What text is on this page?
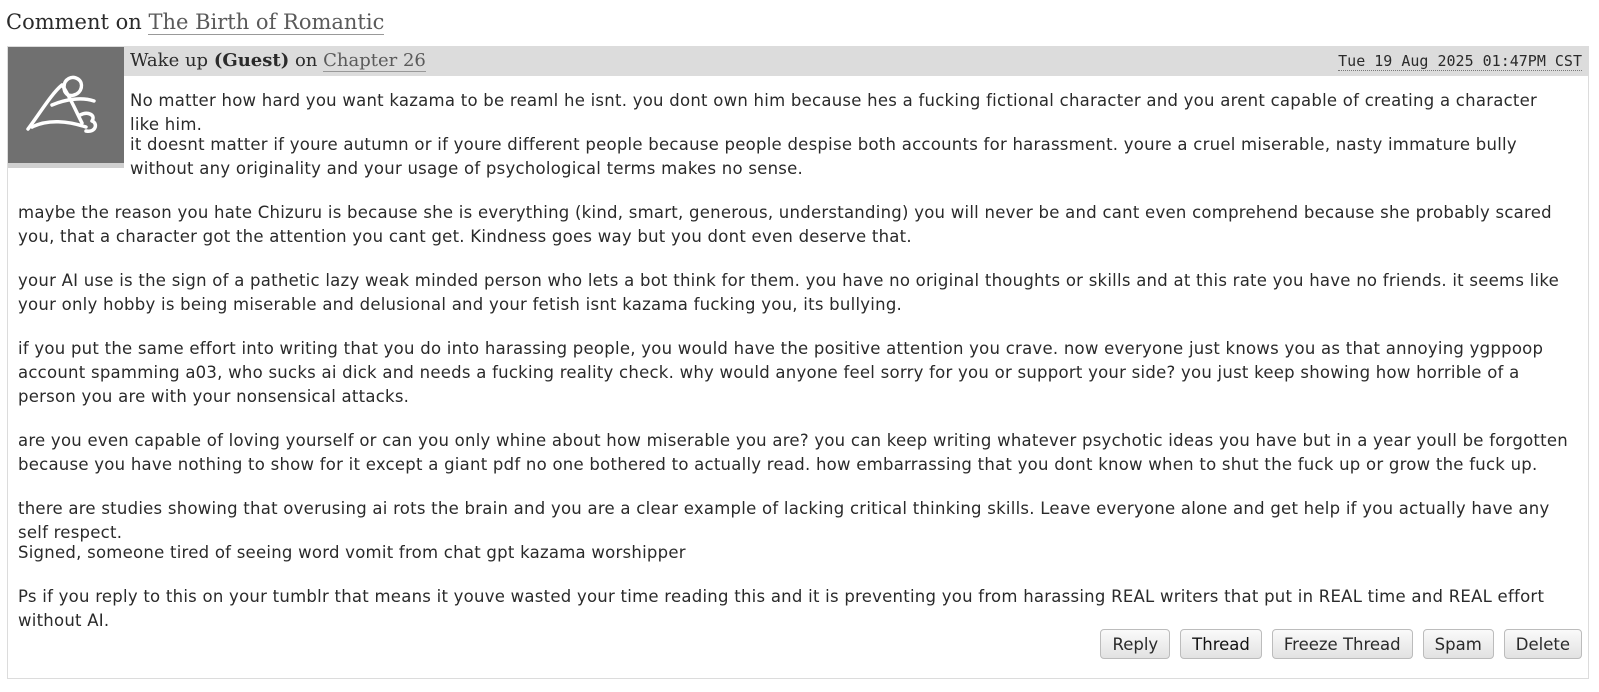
Comment on The Birth of Romantic
Wake up (Guest) on Chapter 26	Tue 19 Aug 2025 01:47PM CST

No matter how hard you want kazama to be reaml he isnt. you dont own him because hes a fucking fictional character and you arent capable of creating a character like him.

it doesnt matter if youre autumn or if youre different people because people despise both accounts for harassment. youre a cruel miserable, nasty immature bully without any originality and your usage of psychological terms makes no sense.

maybe the reason you hate Chizuru is because she is everything (kind, smart, generous, understanding) you will never be and cant even comprehend because she probably scared you, that a character got the attention you cant get. Kindness goes way but you dont even deserve that.

your AI use is the sign of a pathetic lazy weak minded person who lets a bot think for them. you have no original thoughts or skills and at this rate you have no friends. it seems like your only hobby is being miserable and delusional and your fetish isnt kazama fucking you, its bullying.

if you put the same effort into writing that you do into harassing people, you would have the positive attention you crave. now everyone just knows you as that annoying ygppoop account spamming a03, who sucks ai dick and needs a fucking reality check. why would anyone feel sorry for you or support your side? you just keep showing how horrible of a person you are with your nonsensical attacks.

are you even capable of loving yourself or can you only whine about how miserable you are? you can keep writing whatever psychotic ideas you have but in a year youll be forgotten because you have nothing to show for it except a giant pdf no one bothered to actually read. how embarrassing that you dont know when to shut the fuck up or grow the fuck up.

there are studies showing that overusing ai rots the brain and you are a clear example of lacking critical thinking skills. Leave everyone alone and get help if you actually have any self respect.

Signed, someone tired of seeing word vomit from chat gpt kazama worshipper

Ps if you reply to this on your tumblr that means it youve wasted your time reading this and it is preventing you from harassing REAL writers that put in REAL time and REAL effort without AI.

Reply	Thread	Freeze Thread	Spam	Delete
